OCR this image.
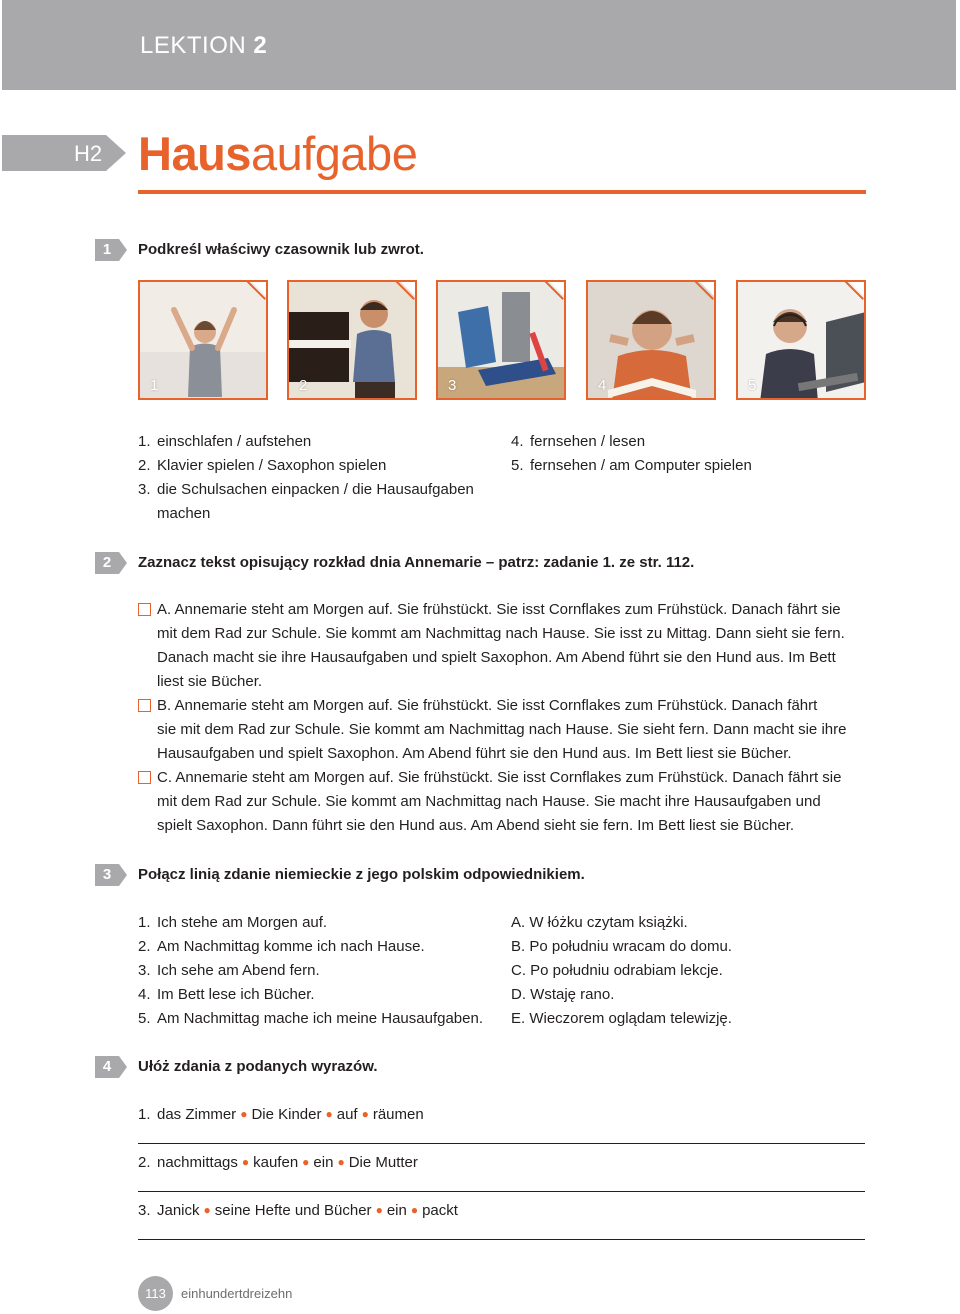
LEKTION 2
H2 Hausaufgabe
1	Podkreśl właściwy czasownik lub zwrot.
1	2	3	4	5
1. einschlafen / aufstehen
2. Klavier spielen / Saxophon spielen
3. die Schulsachen einpacken / die Hausaufgaben
machen
4. fernsehen / lesen
5. fernsehen / am Computer spielen
2	Zaznacz tekst opisujący rozkład dnia Annemarie – patrz: zadanie 1. ze str. 112.
A. Annemarie steht am Morgen auf. Sie frühstückt. Sie isst Cornflakes zum Frühstück. Danach fährt sie
mit dem Rad zur Schule. Sie kommt am Nachmittag nach Hause. Sie isst zu Mittag. Dann sieht sie fern.
Danach macht sie ihre Hausaufgaben und spielt Saxophon. Am Abend führt sie den Hund aus. Im Bett
liest sie Bücher.
B. Annemarie steht am Morgen auf. Sie frühstückt. Sie isst Cornflakes zum Frühstück. Danach fährt
sie mit dem Rad zur Schule. Sie kommt am Nachmittag nach Hause. Sie sieht fern. Dann macht sie ihre
Hausaufgaben und spielt Saxophon. Am Abend führt sie den Hund aus. Im Bett liest sie Bücher.
C. Annemarie steht am Morgen auf. Sie frühstückt. Sie isst Cornflakes zum Frühstück. Danach fährt sie
mit dem Rad zur Schule. Sie kommt am Nachmittag nach Hause. Sie macht ihre Hausaufgaben und
spielt Saxophon. Dann führt sie den Hund aus. Am Abend sieht sie fern. Im Bett liest sie Bücher.
3	Połącz linią zdanie niemieckie z jego polskim odpowiednikiem.
1. Ich stehe am Morgen auf.
2. Am Nachmittag komme ich nach Hause.
3. Ich sehe am Abend fern.
4. Im Bett lese ich Bücher.
5. Am Nachmittag mache ich meine Hausaufgaben.
A. W łóżku czytam książki.
B. Po południu wracam do domu.
C. Po południu odrabiam lekcje.
D. Wstaję rano.
E. Wieczorem oglądam telewizję.
4	Ułóż zdania z podanych wyrazów.
1. das Zimmer ● Die Kinder ● auf ● räumen
2. nachmittags ● kaufen ● ein ● Die Mutter
3. Janick ● seine Hefte und Bücher ● ein ● packt
113	einhundertdreizehn
